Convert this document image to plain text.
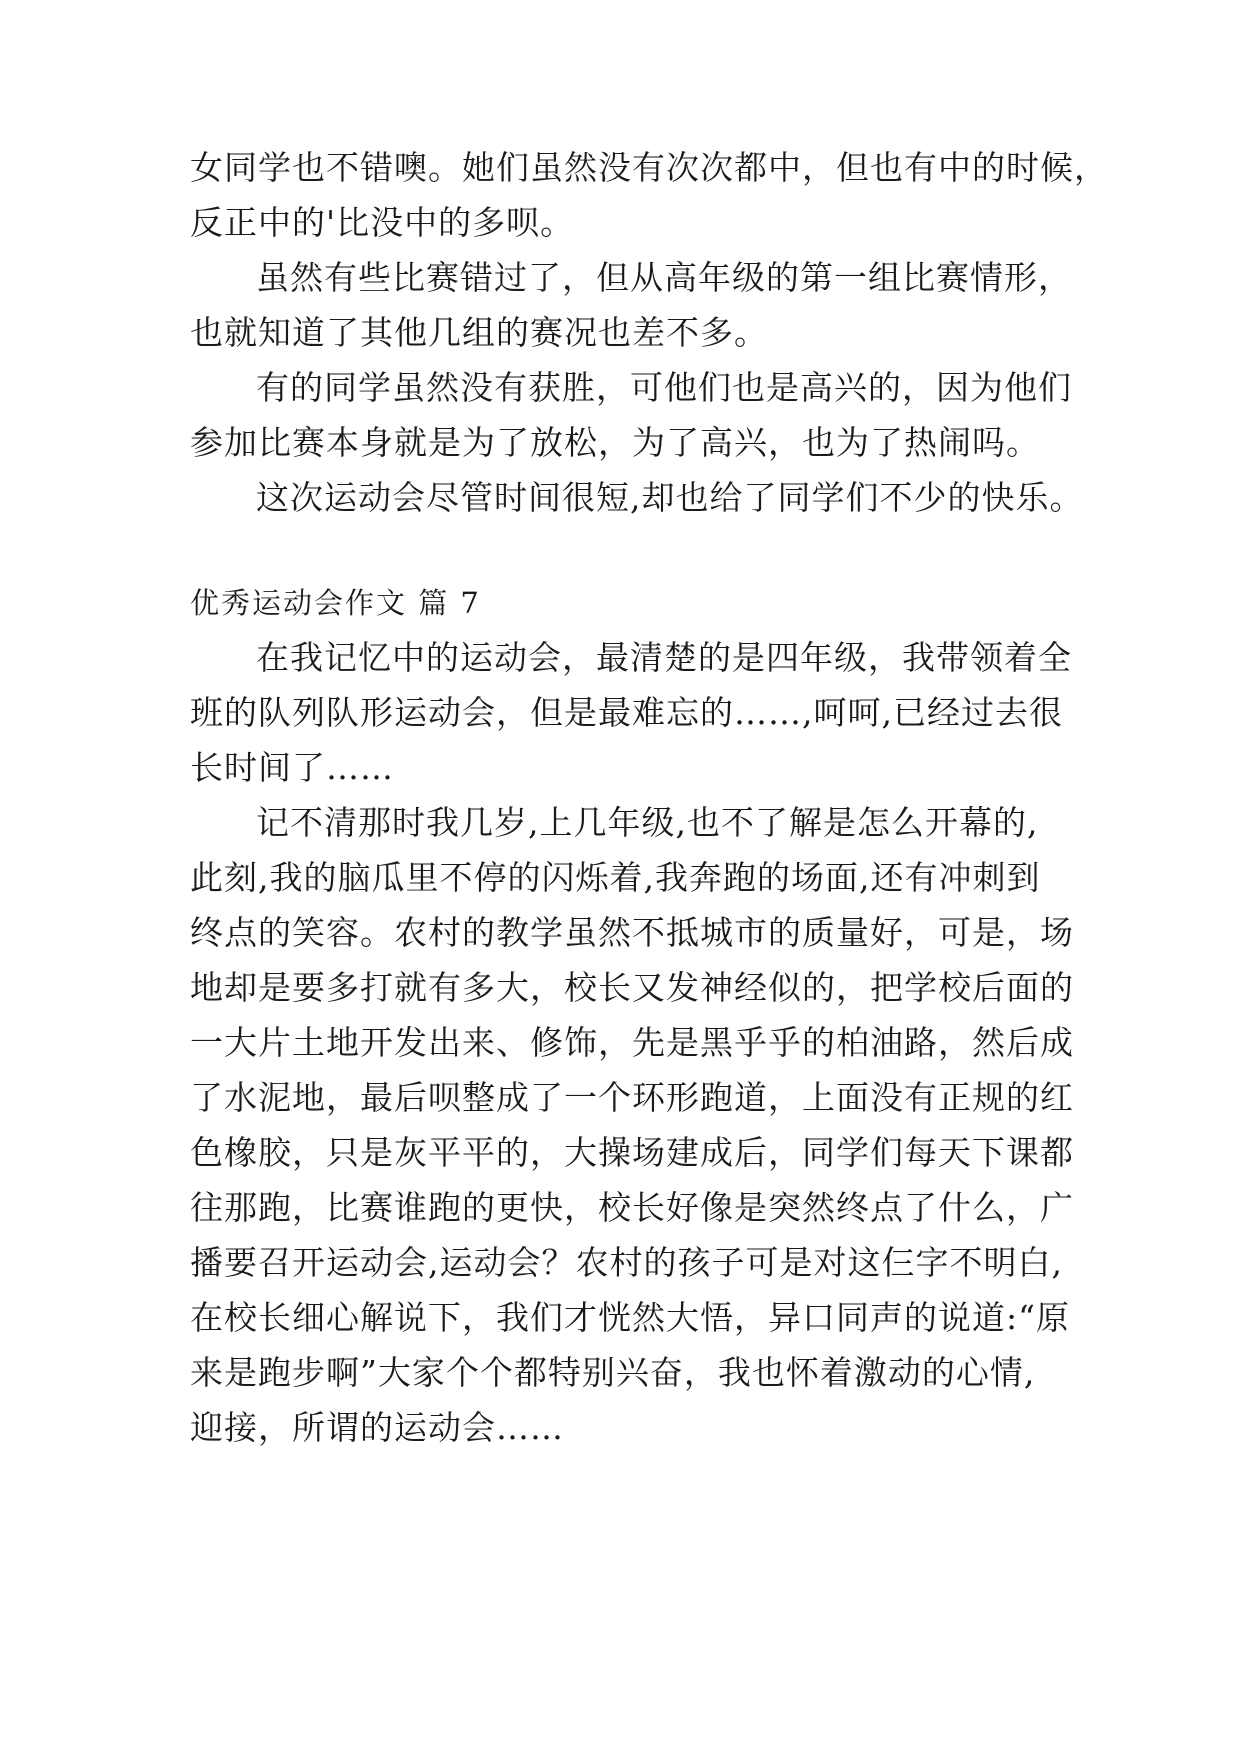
女同学也不错噢。她们虽然没有次次都中，但也有中的时候，
反正中的'比没中的多呗。
虽然有些比赛错过了，但从高年级的第一组比赛情形，
也就知道了其他几组的赛况也差不多。
有的同学虽然没有获胜，可他们也是高兴的，因为他们
参加比赛本身就是为了放松，为了高兴，也为了热闹吗。
这次运动会尽管时间很短,却也给了同学们不少的快乐。
优秀运动会作文 篇 7
在我记忆中的运动会，最清楚的是四年级，我带领着全
班的队列队形运动会，但是最难忘的……,呵呵,已经过去很
长时间了……
记不清那时我几岁,上几年级,也不了解是怎么开幕的,
此刻,我的脑瓜里不停的闪烁着,我奔跑的场面,还有冲刺到
终点的笑容。农村的教学虽然不抵城市的质量好，可是，场
地却是要多打就有多大，校长又发神经似的，把学校后面的
一大片土地开发出来、修饰，先是黑乎乎的柏油路，然后成
了水泥地，最后呗整成了一个环形跑道，上面没有正规的红
色橡胶，只是灰平平的，大操场建成后，同学们每天下课都
往那跑，比赛谁跑的更快，校长好像是突然终点了什么，广
播要召开运动会,运动会？农村的孩子可是对这仨字不明白,
在校长细心解说下，我们才恍然大悟，异口同声的说道:“原
来是跑步啊”大家个个都特别兴奋，我也怀着激动的心情,
迎接，所谓的运动会……
